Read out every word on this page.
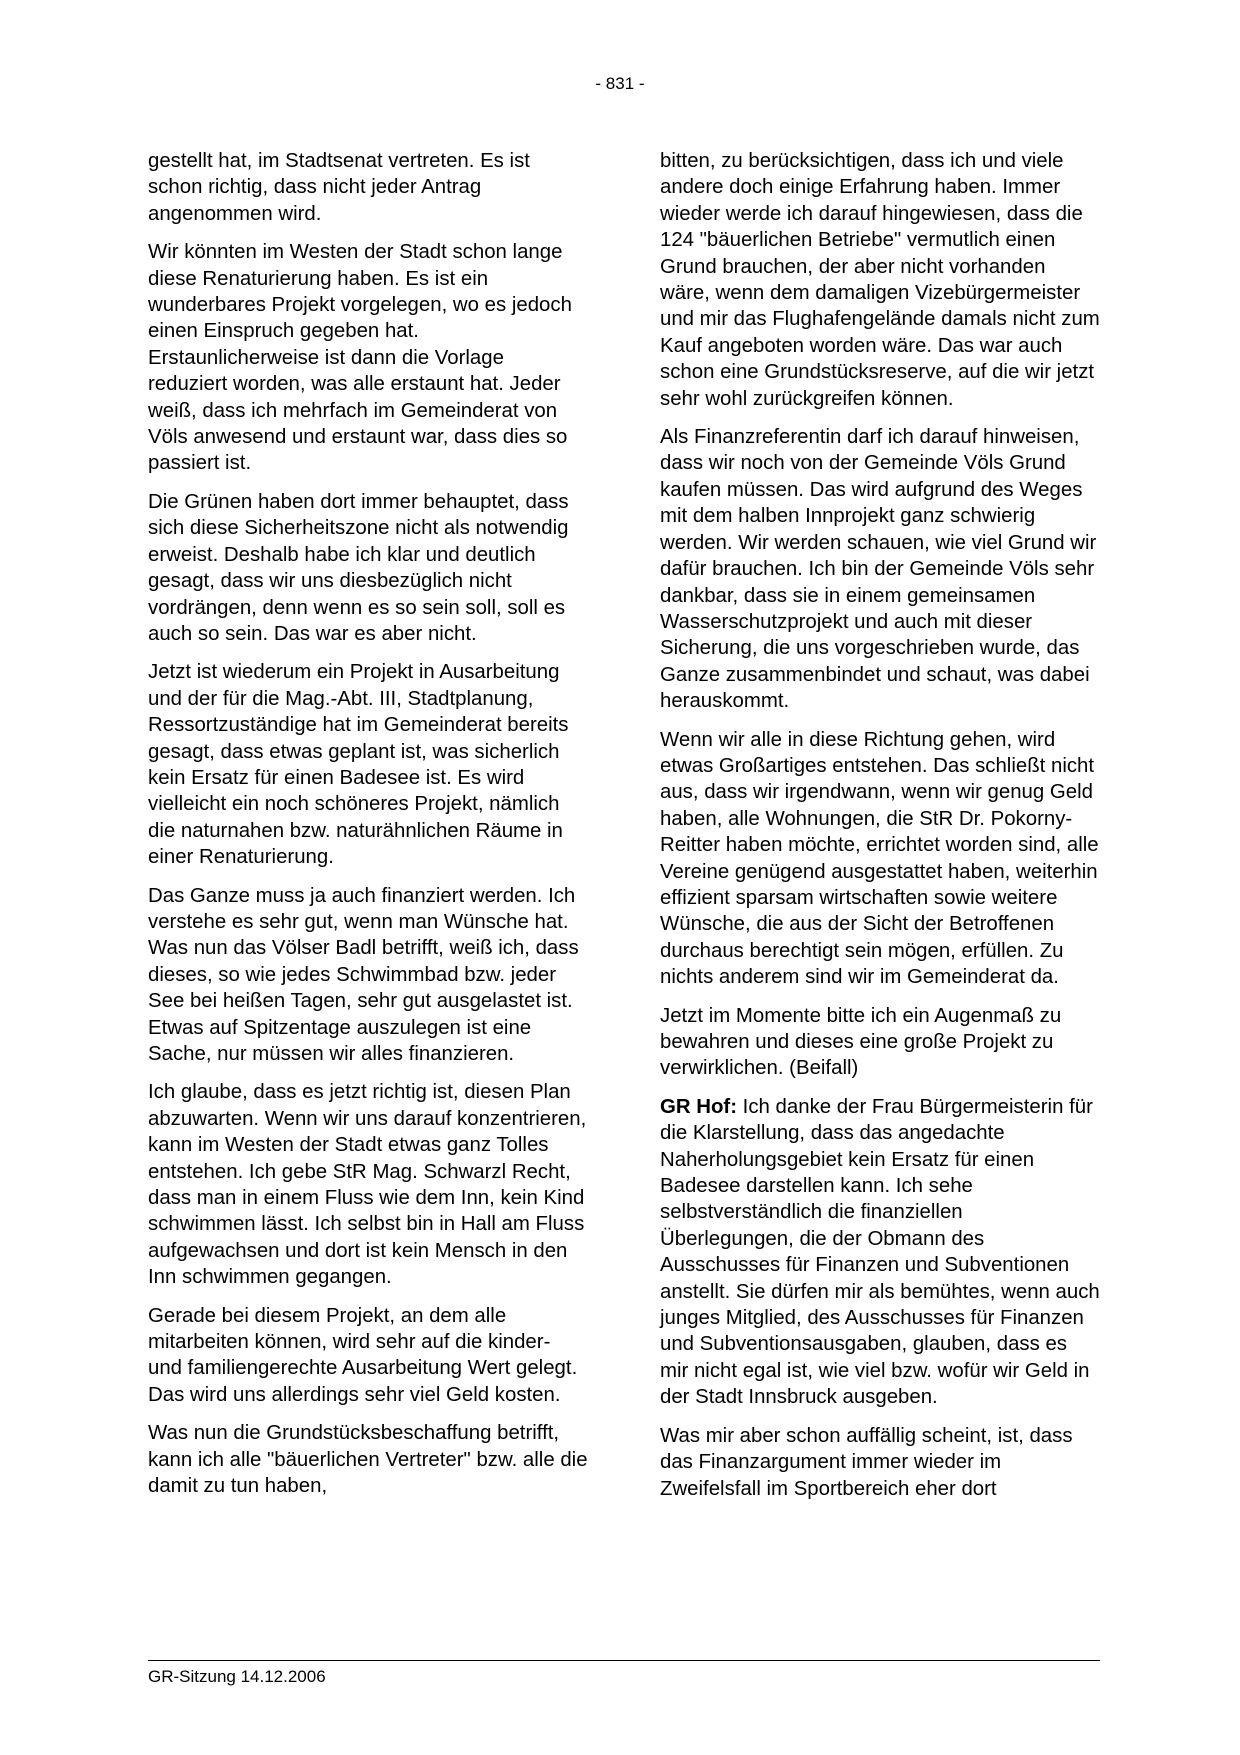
- 831 -

gestellt hat, im Stadtsenat vertreten. Es ist schon richtig, dass nicht jeder Antrag angenommen wird.

Wir könnten im Westen der Stadt schon lange diese Renaturierung haben. Es ist ein wunderbares Projekt vorgelegen, wo es jedoch einen Einspruch gegeben hat. Erstaunlicherweise ist dann die Vorlage reduziert worden, was alle erstaunt hat. Jeder weiß, dass ich mehrfach im Gemeinderat von Völs anwesend und erstaunt war, dass dies so passiert ist.

Die Grünen haben dort immer behauptet, dass sich diese Sicherheitszone nicht als notwendig erweist. Deshalb habe ich klar und deutlich gesagt, dass wir uns diesbezüglich nicht vordrängen, denn wenn es so sein soll, soll es auch so sein. Das war es aber nicht.

Jetzt ist wiederum ein Projekt in Ausarbeitung und der für die Mag.-Abt. III, Stadtplanung, Ressortzuständige hat im Gemeinderat bereits gesagt, dass etwas geplant ist, was sicherlich kein Ersatz für einen Badesee ist. Es wird vielleicht ein noch schöneres Projekt, nämlich die naturnahen bzw. naturähnlichen Räume in einer Renaturierung.

Das Ganze muss ja auch finanziert werden. Ich verstehe es sehr gut, wenn man Wünsche hat. Was nun das Völser Badl betrifft, weiß ich, dass dieses, so wie jedes Schwimmbad bzw. jeder See bei heißen Tagen, sehr gut ausgelastet ist. Etwas auf Spitzentage auszulegen ist eine Sache, nur müssen wir alles finanzieren.

Ich glaube, dass es jetzt richtig ist, diesen Plan abzuwarten. Wenn wir uns darauf konzentrieren, kann im Westen der Stadt etwas ganz Tolles entstehen. Ich gebe StR Mag. Schwarzl Recht, dass man in einem Fluss wie dem Inn, kein Kind schwimmen lässt. Ich selbst bin in Hall am Fluss aufgewachsen und dort ist kein Mensch in den Inn schwimmen gegangen.

Gerade bei diesem Projekt, an dem alle mitarbeiten können, wird sehr auf die kinder- und familiengerechte Ausarbeitung Wert gelegt. Das wird uns allerdings sehr viel Geld kosten.

Was nun die Grundstücksbeschaffung betrifft, kann ich alle "bäuerlichen Vertreter" bzw. alle die damit zu tun haben,

bitten, zu berücksichtigen, dass ich und viele andere doch einige Erfahrung haben. Immer wieder werde ich darauf hingewiesen, dass die 124 "bäuerlichen Betriebe" vermutlich einen Grund brauchen, der aber nicht vorhanden wäre, wenn dem damaligen Vizebürgermeister und mir das Flughafengelände damals nicht zum Kauf angeboten worden wäre. Das war auch schon eine Grundstücksreserve, auf die wir jetzt sehr wohl zurückgreifen können.

Als Finanzreferentin darf ich darauf hinweisen, dass wir noch von der Gemeinde Völs Grund kaufen müssen. Das wird aufgrund des Weges mit dem halben Innprojekt ganz schwierig werden. Wir werden schauen, wie viel Grund wir dafür brauchen. Ich bin der Gemeinde Völs sehr dankbar, dass sie in einem gemeinsamen Wasserschutzprojekt und auch mit dieser Sicherung, die uns vorgeschrieben wurde, das Ganze zusammenbindet und schaut, was dabei herauskommt.

Wenn wir alle in diese Richtung gehen, wird etwas Großartiges entstehen. Das schließt nicht aus, dass wir irgendwann, wenn wir genug Geld haben, alle Wohnungen, die StR Dr. Pokorny-Reitter haben möchte, errichtet worden sind, alle Vereine genügend ausgestattet haben, weiterhin effizient sparsam wirtschaften sowie weitere Wünsche, die aus der Sicht der Betroffenen durchaus berechtigt sein mögen, erfüllen. Zu nichts anderem sind wir im Gemeinderat da.

Jetzt im Momente bitte ich ein Augenmaß zu bewahren und dieses eine große Projekt zu verwirklichen. (Beifall)

GR Hof: Ich danke der Frau Bürgermeisterin für die Klarstellung, dass das angedachte Naherholungsgebiet kein Ersatz für einen Badesee darstellen kann. Ich sehe selbstverständlich die finanziellen Überlegungen, die der Obmann des Ausschusses für Finanzen und Subventionen anstellt. Sie dürfen mir als bemühtes, wenn auch junges Mitglied, des Ausschusses für Finanzen und Subventionsausgaben, glauben, dass es mir nicht egal ist, wie viel bzw. wofür wir Geld in der Stadt Innsbruck ausgeben.

Was mir aber schon auffällig scheint, ist, dass das Finanzargument immer wieder im Zweifelsfall im Sportbereich eher dort

GR-Sitzung 14.12.2006
